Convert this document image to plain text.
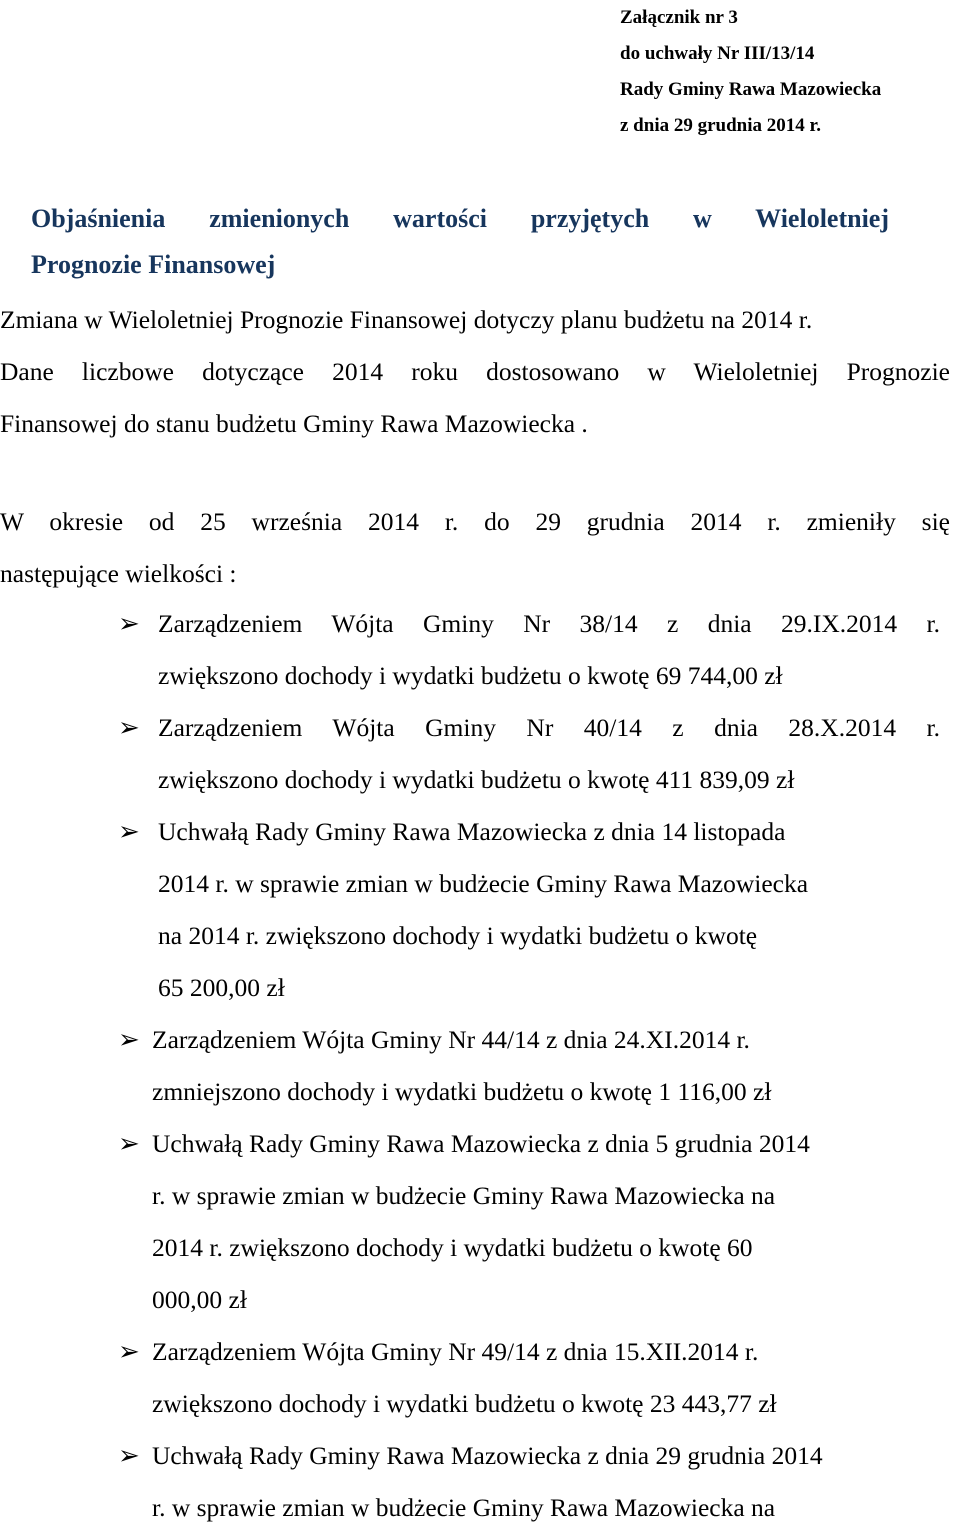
Załącznik nr 3
do uchwały Nr III/13/14
Rady Gminy Rawa Mazowiecka
z dnia 29 grudnia 2014 r.
Objaśnienia zmienionych wartości przyjętych w Wieloletniej
Prognozie Finansowej
Zmiana w Wieloletniej Prognozie Finansowej dotyczy planu budżetu na 2014 r.
Dane liczbowe dotyczące 2014 roku dostosowano w Wieloletniej Prognozie
Finansowej do stanu budżetu Gminy Rawa Mazowiecka .
W okresie od 25 września 2014 r. do 29 grudnia 2014 r. zmieniły się
następujące wielkości :
➢ Zarządzeniem Wójta Gminy Nr 38/14 z dnia 29.IX.2014 r.
zwiększono dochody i wydatki budżetu o kwotę 69 744,00 zł
➢ Zarządzeniem Wójta Gminy Nr 40/14 z dnia 28.X.2014 r.
zwiększono dochody i wydatki budżetu o kwotę 411 839,09 zł
➢ Uchwałą Rady Gminy Rawa Mazowiecka z dnia 14 listopada
2014 r. w sprawie zmian w budżecie Gminy Rawa Mazowiecka
na 2014 r. zwiększono dochody i wydatki budżetu o kwotę
65 200,00 zł
➢ Zarządzeniem Wójta Gminy Nr 44/14 z dnia 24.XI.2014 r.
zmniejszono dochody i wydatki budżetu o kwotę 1 116,00 zł
➢ Uchwałą Rady Gminy Rawa Mazowiecka z dnia 5 grudnia 2014
r. w sprawie zmian w budżecie Gminy Rawa Mazowiecka na
2014 r. zwiększono dochody i wydatki budżetu o kwotę 60
000,00 zł
➢ Zarządzeniem Wójta Gminy Nr 49/14 z dnia 15.XII.2014 r.
zwiększono dochody i wydatki budżetu o kwotę 23 443,77 zł
➢ Uchwałą Rady Gminy Rawa Mazowiecka z dnia 29 grudnia 2014
r. w sprawie zmian w budżecie Gminy Rawa Mazowiecka na
